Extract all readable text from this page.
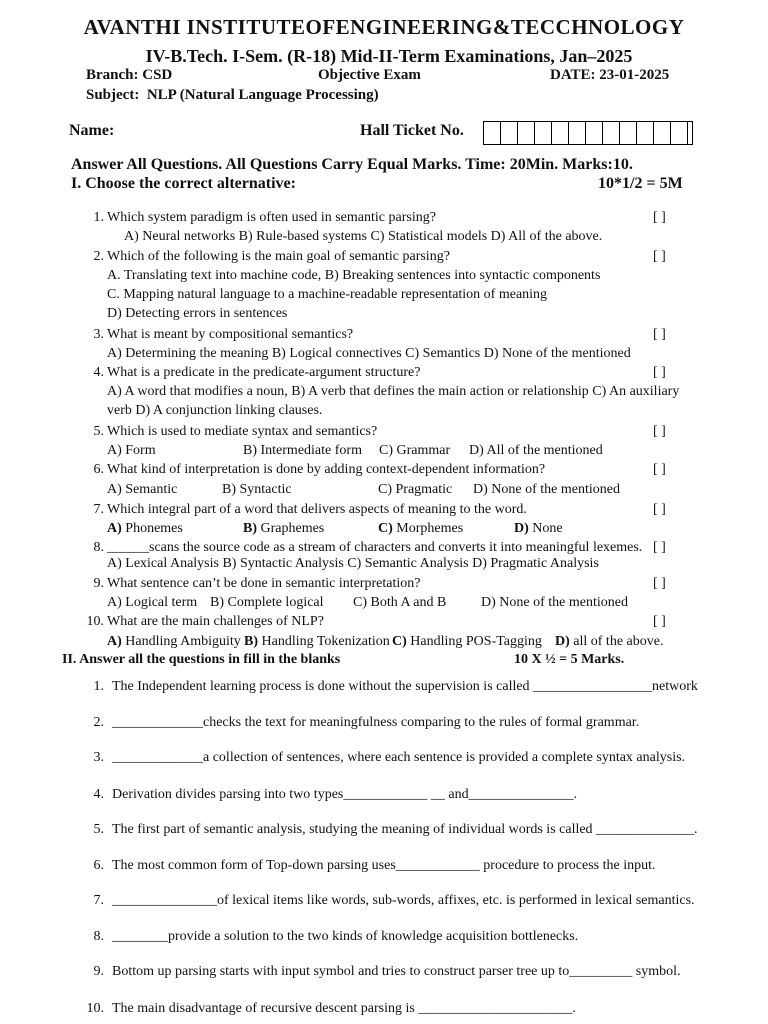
AVANTHI INSTITUTEOFENGINEERING&TECCHNOLOGY
IV-B.Tech. I-Sem. (R-18) Mid-II-Term Examinations, Jan–2025
Branch: CSD	Objective Exam	DATE: 23-01-2025
Subject: NLP (Natural Language Processing)
Name:	Hall Ticket No.
Answer All Questions. All Questions Carry Equal Marks. Time: 20Min. Marks:10.
I. Choose the correct alternative:	10*1/2 = 5M
1. Which system paradigm is often used in semantic parsing?	[ ]
A) Neural networks B) Rule-based systems C) Statistical models D) All of the above.
2. Which of the following is the main goal of semantic parsing?	[ ]
A. Translating text into machine code, B) Breaking sentences into syntactic components
C. Mapping natural language to a machine-readable representation of meaning
D) Detecting errors in sentences
3. What is meant by compositional semantics?	[ ]
A) Determining the meaning B) Logical connectives C) Semantics D) None of the mentioned
4. What is a predicate in the predicate-argument structure?	[ ]
A) A word that modifies a noun, B) A verb that defines the main action or relationship C) An auxiliary
verb D) A conjunction linking clauses.
5. Which is used to mediate syntax and semantics?	[ ]
A) Form	B) Intermediate form C) Grammar D) All of the mentioned
6. What kind of interpretation is done by adding context-dependent information?	[ ]
A) Semantic	B) Syntactic	C) Pragmatic D) None of the mentioned
7. Which integral part of a word that delivers aspects of meaning to the word.	[ ]
A) Phonemes	B) Graphemes	C) Morphemes	D) None
8. ______scans the source code as a stream of characters and converts it into meaningful lexemes. [ ]
A) Lexical Analysis B) Syntactic Analysis C) Semantic Analysis D) Pragmatic Analysis
9. What sentence can’t be done in semantic interpretation?	[ ]
A) Logical term B) Complete logical C) Both A and B D) None of the mentioned
10. What are the main challenges of NLP?	[ ]
A) Handling Ambiguity B) Handling Tokenization C) Handling POS-Tagging D) all of the above.
II. Answer all the questions in fill in the blanks	10 X ½ = 5 Marks.
1. The Independent learning process is done without the supervision is called _________________network
2. _____________checks the text for meaningfulness comparing to the rules of formal grammar.
3. _____________a collection of sentences, where each sentence is provided a complete syntax analysis.
4. Derivation divides parsing into two types____________ __ and_______________.
5. The first part of semantic analysis, studying the meaning of individual words is called ______________.
6. The most common form of Top-down parsing uses____________ procedure to process the input.
7. _______________of lexical items like words, sub-words, affixes, etc. is performed in lexical semantics.
8. ________provide a solution to the two kinds of knowledge acquisition bottlenecks.
9. Bottom up parsing starts with input symbol and tries to construct parser tree up to_________ symbol.
10. The main disadvantage of recursive descent parsing is ______________________.
